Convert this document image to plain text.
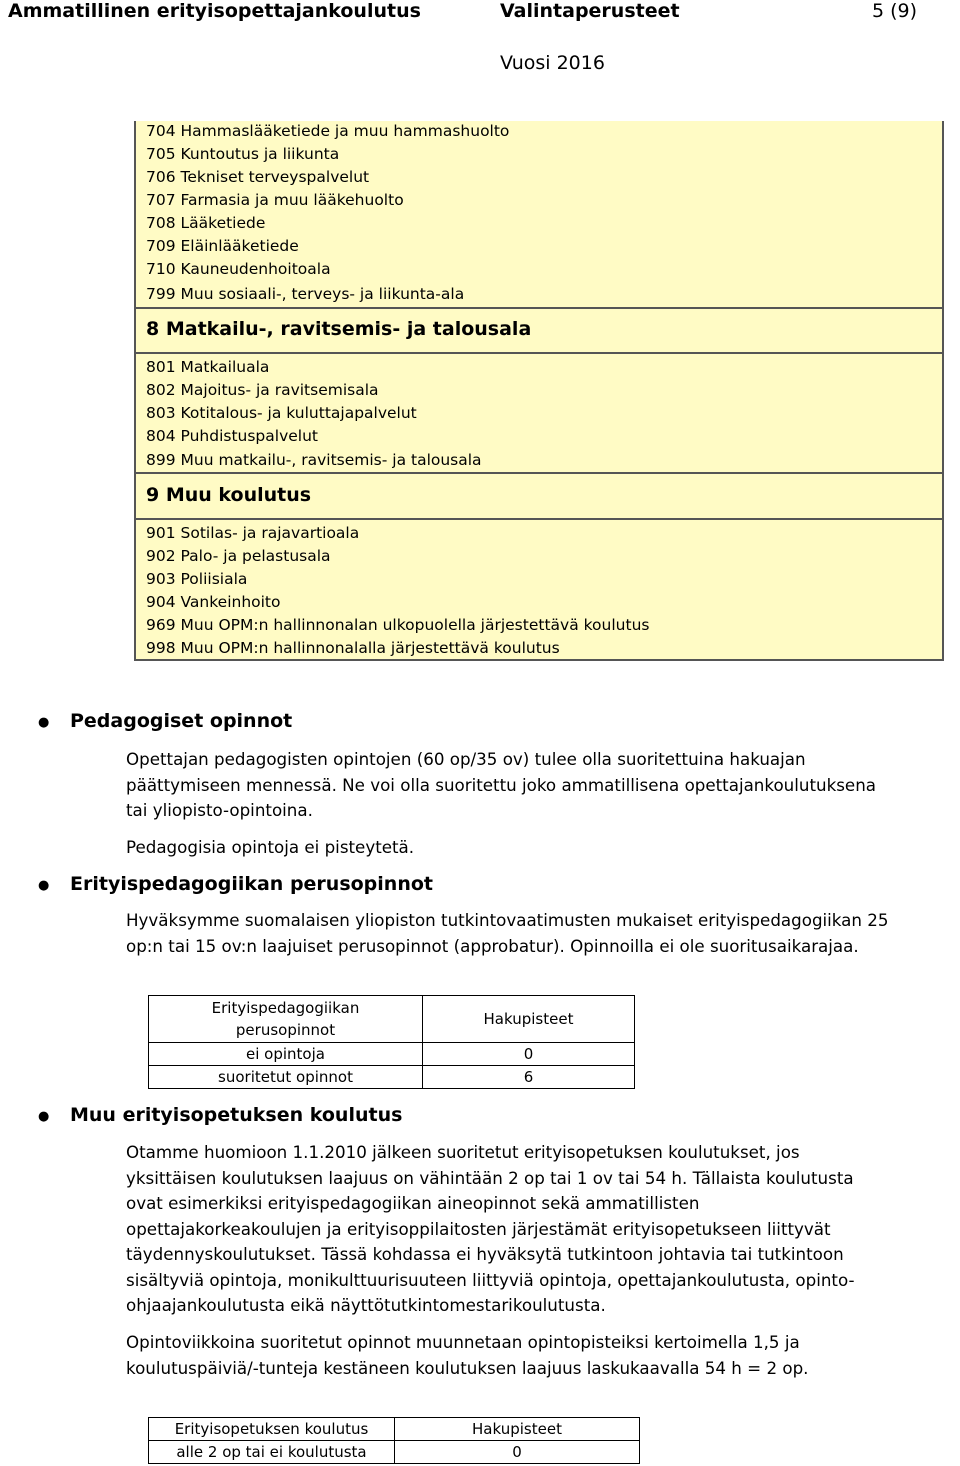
Ammatillinen erityisopettajankoulutus	Valintaperusteet	5 (9)
Vuosi 2016
704 Hammaslääketiede ja muu hammashuolto
705 Kuntoutus ja liikunta
706 Tekniset terveyspalvelut
707 Farmasia ja muu lääkehuolto
708 Lääketiede
709 Eläinlääketiede
710 Kauneudenhoitoala
799 Muu sosiaali-, terveys- ja liikunta-ala
8 Matkailu-, ravitsemis- ja talousala
801 Matkailuala
802 Majoitus- ja ravitsemisala
803 Kotitalous- ja kuluttajapalvelut
804 Puhdistuspalvelut
899 Muu matkailu-, ravitsemis- ja talousala
9 Muu koulutus
901 Sotilas- ja rajavartioala
902 Palo- ja pelastusala
903 Poliisiala
904 Vankeinhoito
969 Muu OPM:n hallinnonalan ulkopuolella järjestettävä koulutus
998 Muu OPM:n hallinnonalalla järjestettävä koulutus
● Pedagogiset opinnot
Opettajan pedagogisten opintojen (60 op/35 ov) tulee olla suoritettuina hakuajan
päättymiseen mennessä. Ne voi olla suoritettu joko ammatillisena opettajankoulutuksena
tai yliopisto-opintoina.
Pedagogisia opintoja ei pisteytetä.
● Erityispedagogiikan perusopinnot
Hyväksymme suomalaisen yliopiston tutkintovaatimusten mukaiset erityispedagogiikan 25
op:n tai 15 ov:n laajuiset perusopinnot (approbatur). Opinnoilla ei ole suoritusaikarajaa.
Erityispedagogiikan
perusopinnot	Hakupisteet
ei opintoja	0
suoritetut opinnot	6
● Muu erityisopetuksen koulutus
Otamme huomioon 1.1.2010 jälkeen suoritetut erityisopetuksen koulutukset, jos
yksittäisen koulutuksen laajuus on vähintään 2 op tai 1 ov tai 54 h. Tällaista koulutusta
ovat esimerkiksi erityispedagogiikan aineopinnot sekä ammatillisten
opettajakorkeakoulujen ja erityisoppilaitosten järjestämät erityisopetukseen liittyvät
täydennyskoulutukset. Tässä kohdassa ei hyväksytä tutkintoon johtavia tai tutkintoon
sisältyviä opintoja, monikulttuurisuuteen liittyviä opintoja, opettajankoulutusta, opinto-
ohjaajankoulutusta eikä näyttötutkintomestarikoulutusta.
Opintoviikkoina suoritetut opinnot muunnetaan opintopisteiksi kertoimella 1,5 ja
koulutuspäiviä/-tunteja kestäneen koulutuksen laajuus laskukaavalla 54 h = 2 op.
Erityisopetuksen koulutus	Hakupisteet
alle 2 op tai ei koulutusta	0
